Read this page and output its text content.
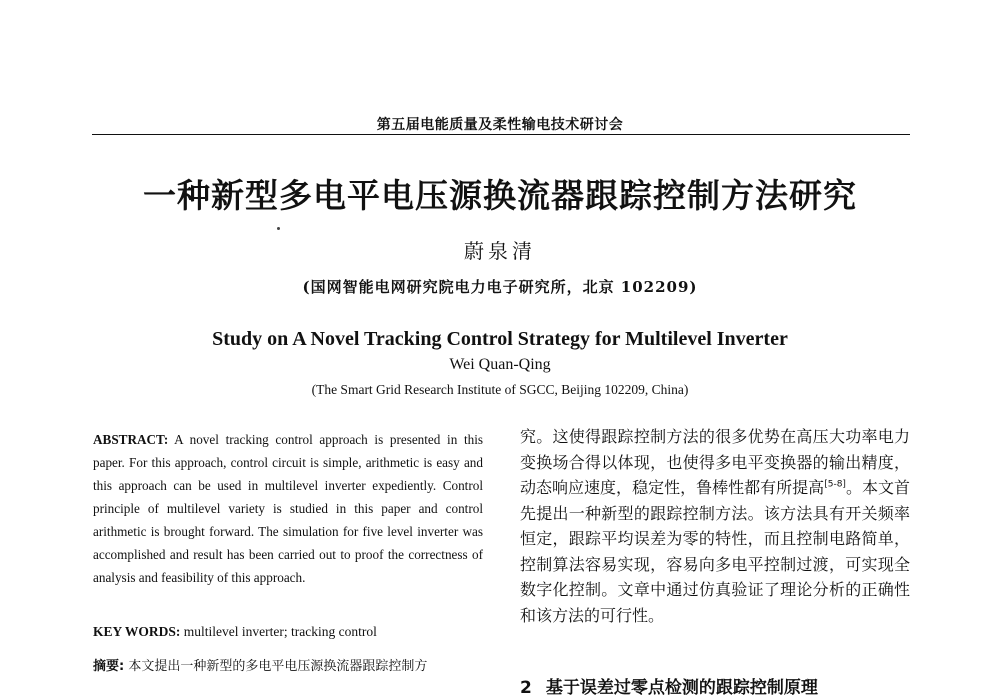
第五届电能质量及柔性输电技术研讨会
一种新型多电平电压源换流器跟踪控制方法研究
蔚泉清
(国网智能电网研究院电力电子研究所，北京 102209)
Study on A Novel Tracking Control Strategy for Multilevel Inverter
Wei Quan-Qing
(The Smart Grid Research Institute of SGCC, Beijing 102209, China)
ABSTRACT: A novel tracking control approach is presented in this paper. For this approach, control circuit is simple, arithmetic is easy and this approach can be used in multilevel inverter expediently. Control principle of multilevel variety is studied in this paper and control arithmetic is brought forward. The simulation for five level inverter was accomplished and result has been carried out to proof the correctness of analysis and feasibility of this approach.
KEY WORDS: multilevel inverter; tracking control
摘要: 本文提出一种新型的多电平电压源换流器跟踪控制方
究。这使得跟踪控制方法的很多优势在高压大功率电力变换场合得以体现，也使得多电平变换器的输出精度，动态响应速度，稳定性，鲁棒性都有所提高[5-8]。本文首先提出一种新型的跟踪控制方法。该方法具有开关频率恒定，跟踪平均误差为零的特性，而且控制电路简单，控制算法容易实现，容易向多电平控制过渡，可实现全数字化控制。文章中通过仿真验证了理论分析的正确性和该方法的可行性。
2 基于误差过零点检测的跟踪控制原理
